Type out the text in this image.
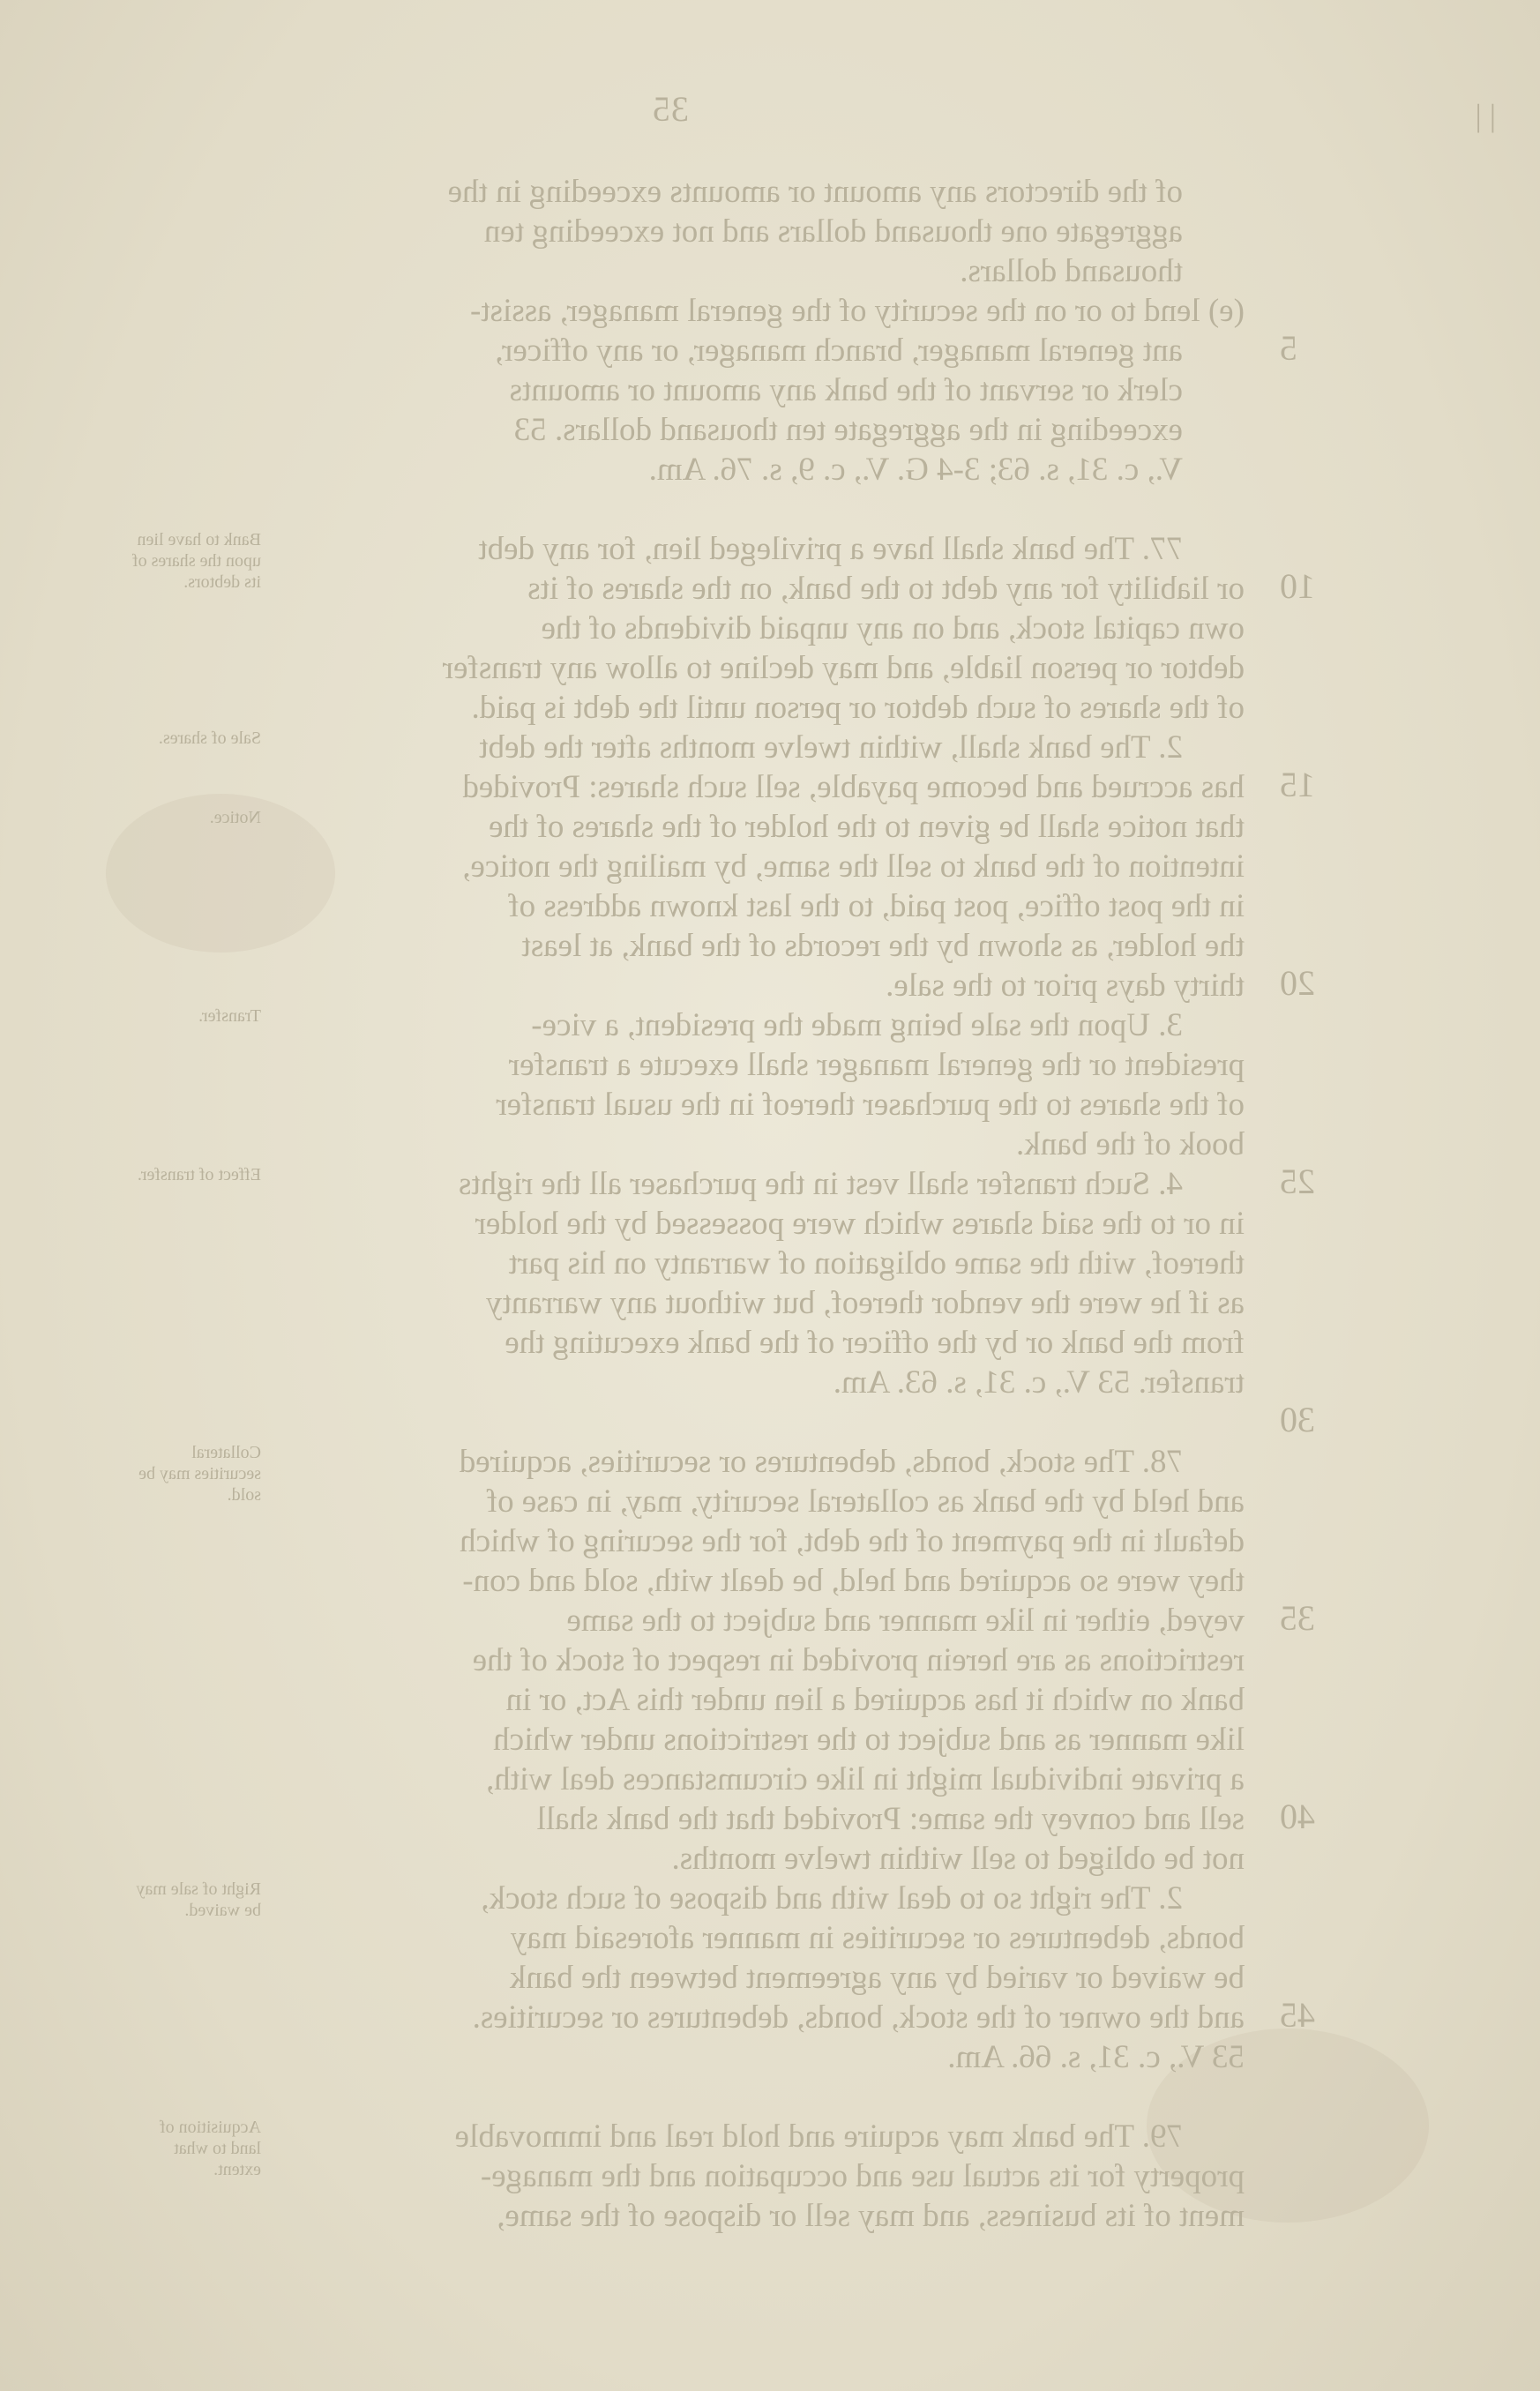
35	| |
of the directors any amount or amounts exceeding in the
aggregate one thousand dollars and not exceeding ten
thousand dollars.
(e) lend to or on the security of the general manager, assist-
ant general manager, branch manager, or any officer,
clerk or servant of the bank any amount or amounts
exceeding in the aggregate ten thousand dollars. 53
V., c. 31, s. 63; 3-4 G. V., c. 9, s. 76. Am.
77. The bank shall have a privileged lien, for any debt
or liability for any debt to the bank, on the shares of its
own capital stock, and on any unpaid dividends of the
debtor or person liable, and may decline to allow any transfer
of the shares of such debtor or person until the debt is paid.
2. The bank shall, within twelve months after the debt
has accrued and become payable, sell such shares: Provided
that notice shall be given to the holder of the shares of the
intention of the bank to sell the same, by mailing the notice,
in the post office, post paid, to the last known address of
the holder, as shown by the records of the bank, at least
thirty days prior to the sale.
3. Upon the sale being made the president, a vice-
president or the general manager shall execute a transfer
of the shares to the purchaser thereof in the usual transfer
book of the bank.
4. Such transfer shall vest in the purchaser all the rights
in or to the said shares which were possessed by the holder
thereof, with the same obligation of warranty on his part
as if he were the vendor thereof, but without any warranty
from the bank or by the officer of the bank executing the
transfer. 53 V., c. 31, s. 63. Am.
78. The stock, bonds, debentures or securities, acquired
and held by the bank as collateral security, may, in case of
default in the payment of the debt, for the securing of which
they were so acquired and held, be dealt with, sold and con-
veyed, either in like manner and subject to the same
restrictions as are herein provided in respect of stock of the
bank on which it has acquired a lien under this Act, or in
like manner as and subject to the restrictions under which
a private individual might in like circumstances deal with,
sell and convey the same: Provided that the bank shall
not be obliged to sell within twelve months.
2. The right so to deal with and dispose of such stock,
bonds, debentures or securities in manner aforesaid may
be waived or varied by any agreement between the bank
and the owner of the stock, bonds, debentures or securities.
53 V., c. 31, s. 66. Am.
79. The bank may acquire and hold real and immovable
property for its actual use and occupation and the manage-
ment of its business, and may sell or dispose of the same,
5
10
15
20
25
30
35
40
45
Bank to have lien upon the shares of its debtors.
Sale of shares.
Notice.
Transfer.
Effect of transfer.
Collateral securities may be sold.
Right of sale may be waived.
Acquisition of land to what extent.
